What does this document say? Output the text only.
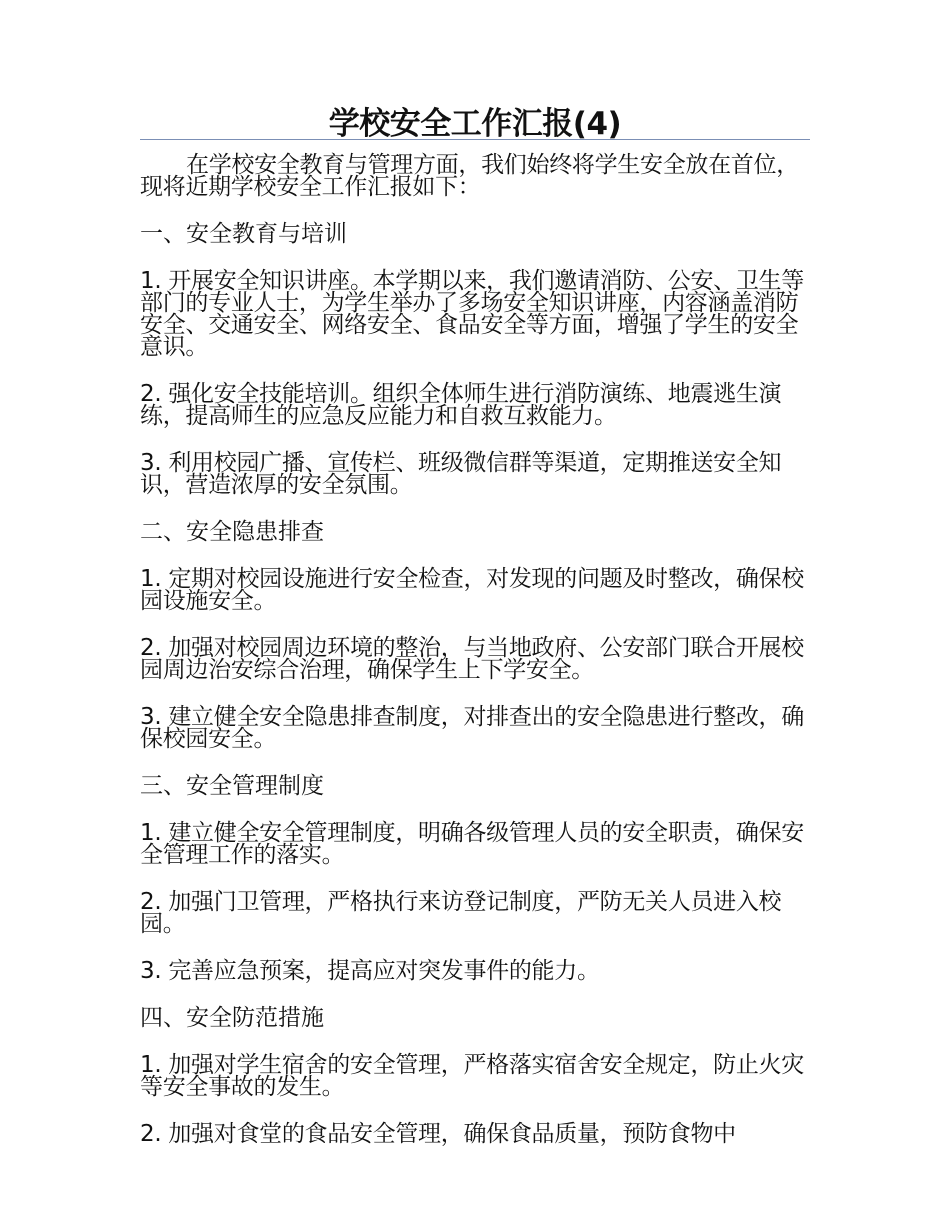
学校安全工作汇报(4)

在学校安全教育与管理方面，我们始终将学生安全放在首位，现将近期学校安全工作汇报如下：

一、安全教育与培训

1. 开展安全知识讲座。本学期以来，我们邀请消防、公安、卫生等部门的专业人士，为学生举办了多场安全知识讲座，内容涵盖消防安全、交通安全、网络安全、食品安全等方面，增强了学生的安全意识。

2. 强化安全技能培训。组织全体师生进行消防演练、地震逃生演练，提高师生的应急反应能力和自救互救能力。

3. 利用校园广播、宣传栏、班级微信群等渠道，定期推送安全知识，营造浓厚的安全氛围。

二、安全隐患排查

1. 定期对校园设施进行安全检查，对发现的问题及时整改，确保校园设施安全。

2. 加强对校园周边环境的整治，与当地政府、公安部门联合开展校园周边治安综合治理，确保学生上下学安全。

3. 建立健全安全隐患排查制度，对排查出的安全隐患进行整改，确保校园安全。

三、安全管理制度

1. 建立健全安全管理制度，明确各级管理人员的安全职责，确保安全管理工作的落实。

2. 加强门卫管理，严格执行来访登记制度，严防无关人员进入校园。

3. 完善应急预案，提高应对突发事件的能力。

四、安全防范措施

1. 加强对学生宿舍的安全管理，严格落实宿舍安全规定，防止火灾等安全事故的发生。

2. 加强对食堂的食品安全管理，确保食品质量，预防食物中
